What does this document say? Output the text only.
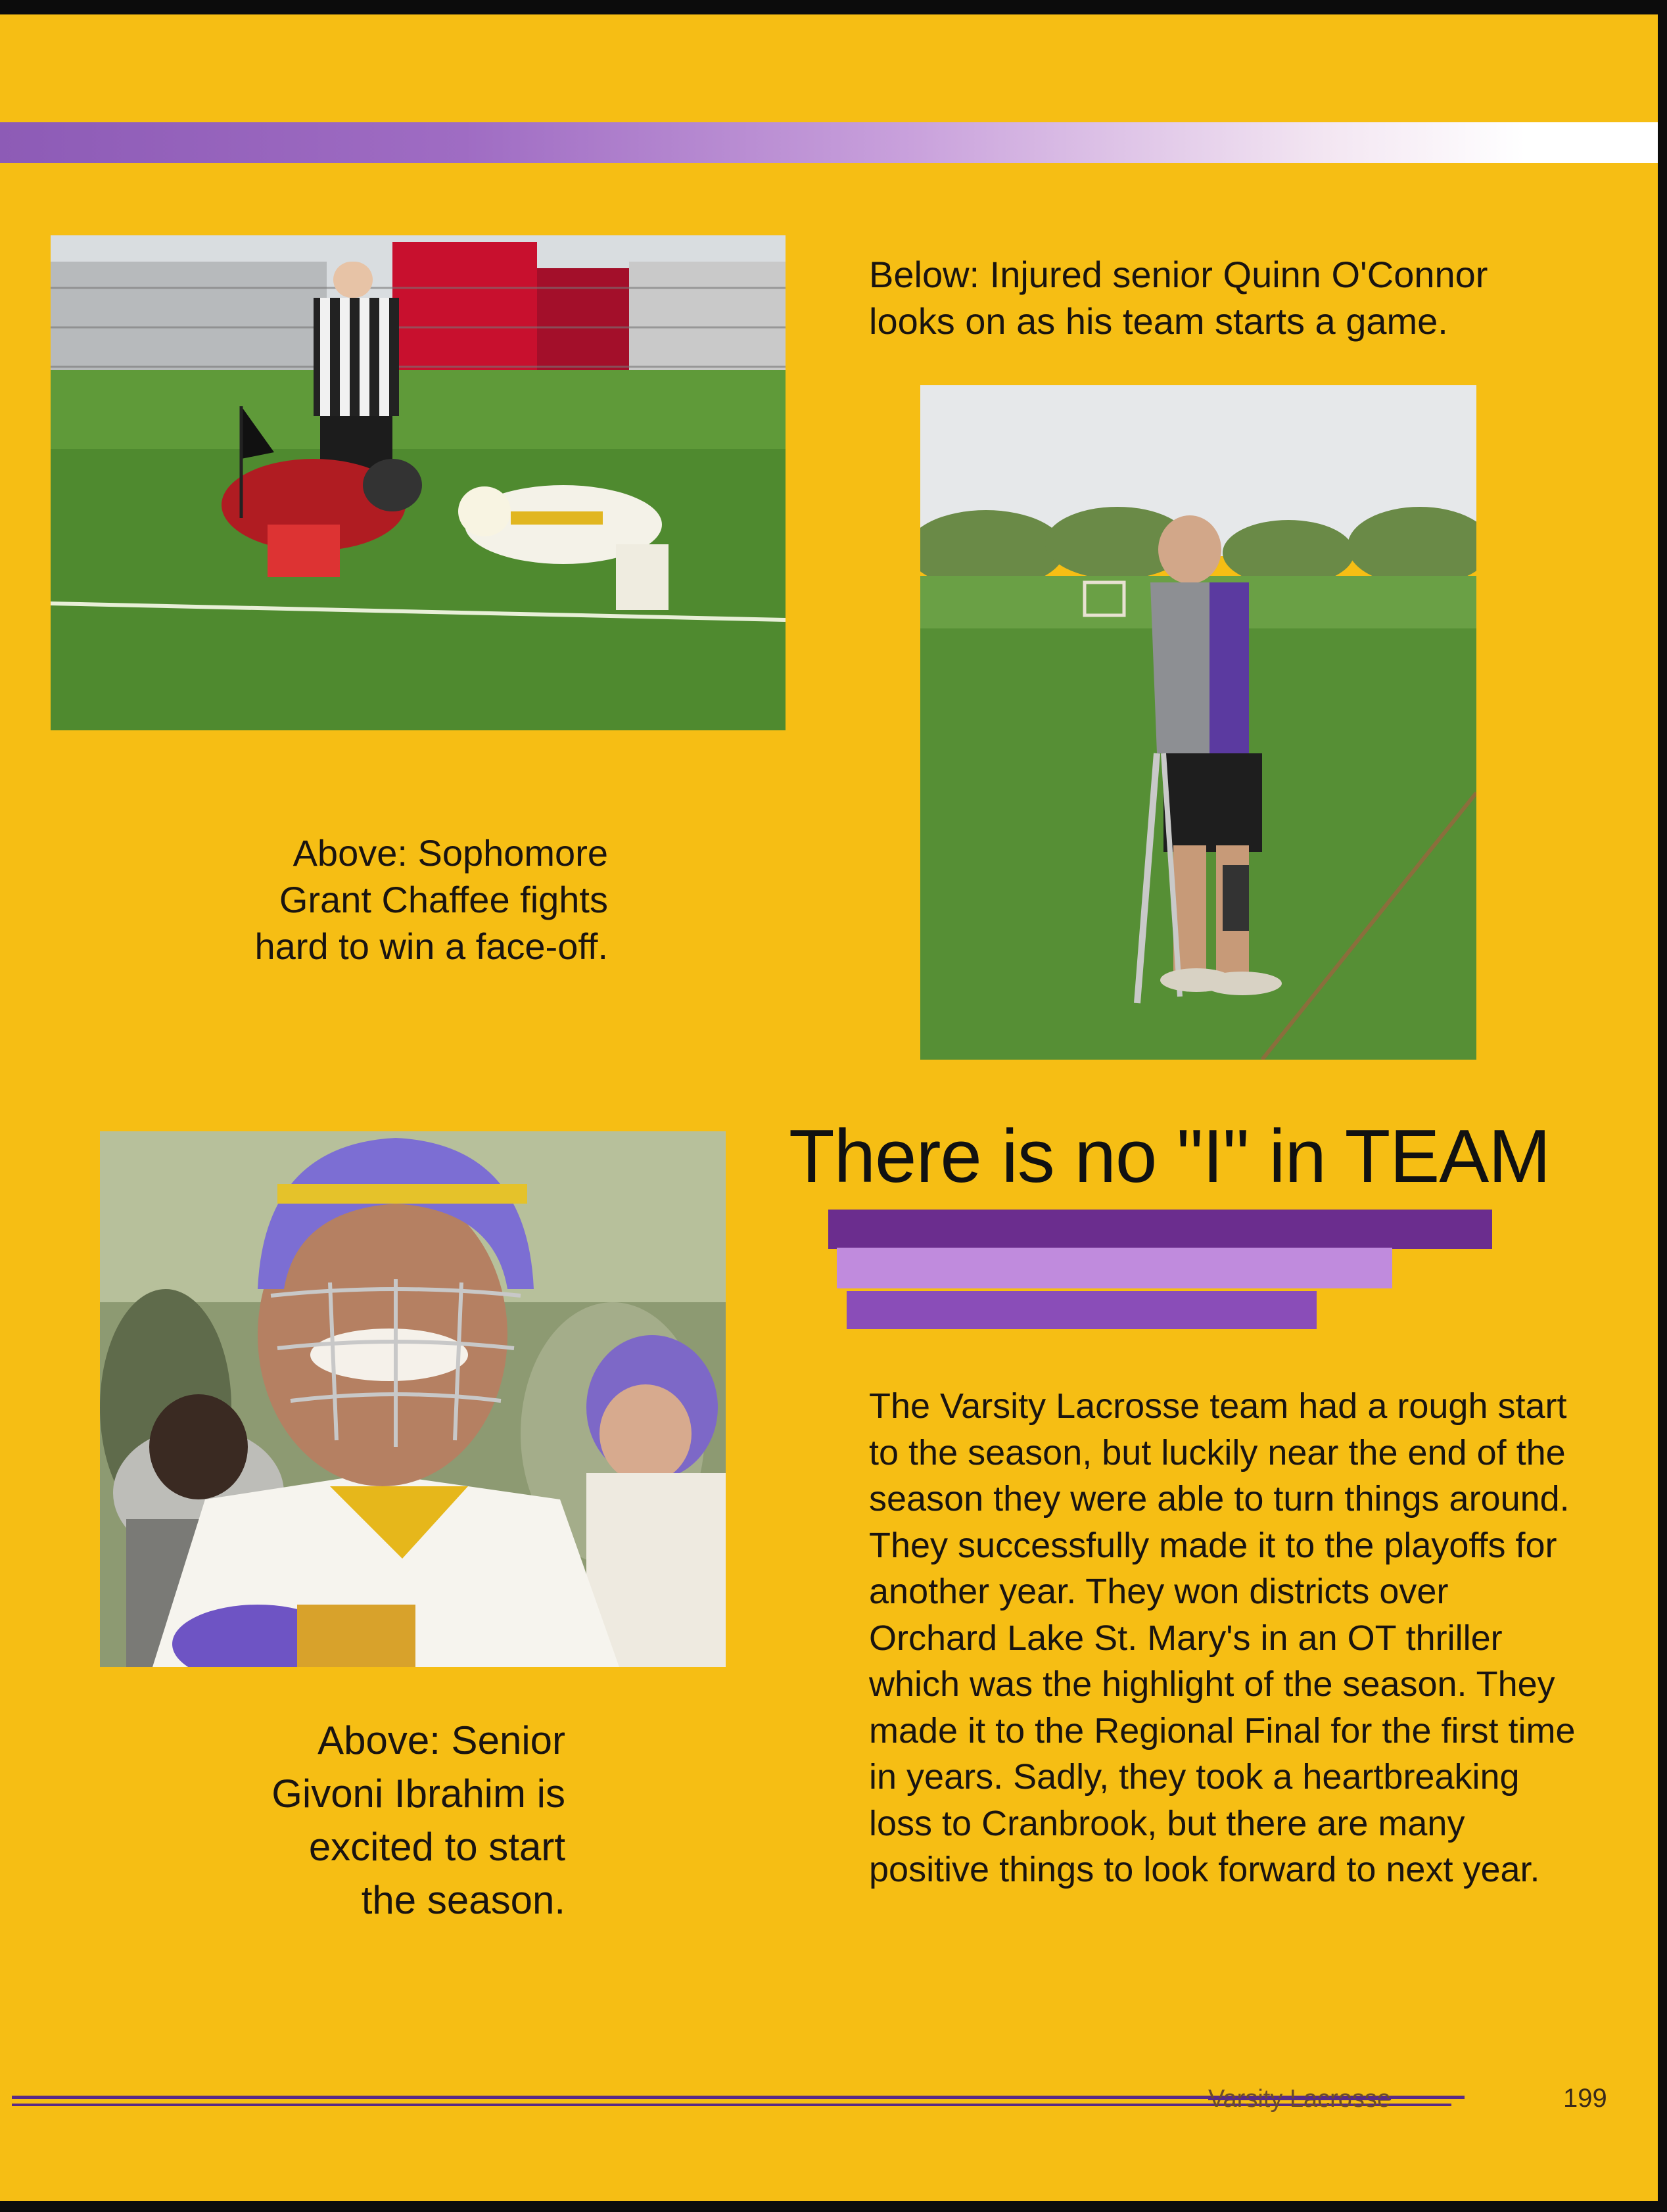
Below: Injured senior Quinn O'Connor
looks on as his team starts a game.
Above: Sophomore
Grant Chaffee fights
hard to win a face-off.
Above: Senior
Givoni Ibrahim is
excited to start
the season.
There is no "I" in TEAM
The Varsity Lacrosse team had a rough start to the season, but luckily near the end of the season they were able to turn things around. They successfully made it to the playoffs for another year. They won districts over Orchard Lake St. Mary's in an OT thriller which was the highlight of the season. They made it to the Regional Final for the first time in years. Sadly, they took a heartbreaking loss to Cranbrook, but there are many positive things to look forward to next year.
Varsity Lacrosse	199
